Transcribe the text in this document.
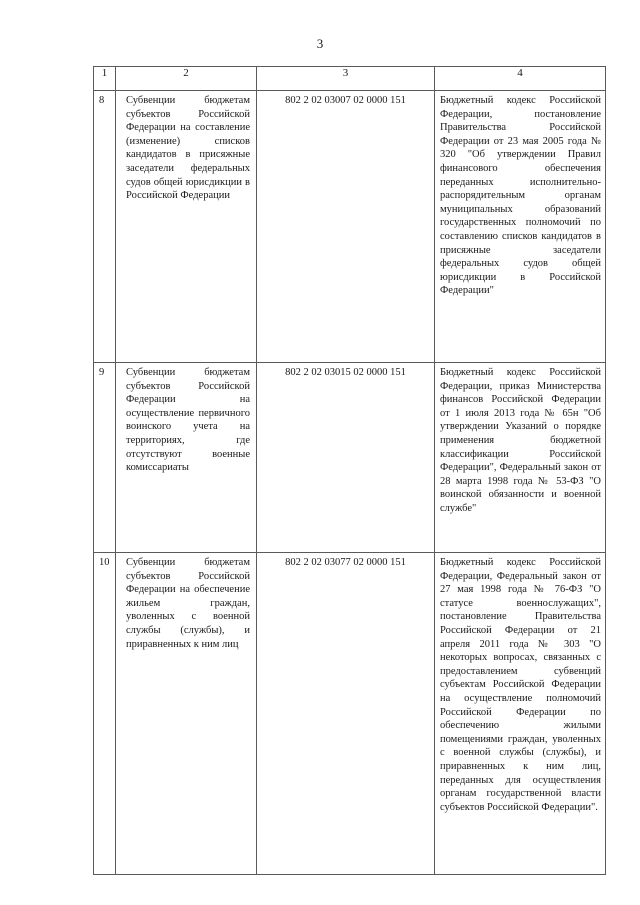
3
1	2	3	4
8	Субвенции бюджетам субъектов Российской Федерации на составление (изменение) списков кандидатов в присяжные заседатели федеральных судов общей юрисдикции в Российской Федерации	802 2 02 03007 02 0000 151	Бюджетный кодекс Российской Федерации, постановление Правительства Российской Федерации от 23 мая 2005 года № 320 "Об утверждении Правил финансового обеспечения переданных исполнительно-распорядительным органам муниципальных образований государственных полномочий по составлению списков кандидатов в присяжные заседатели федеральных судов общей юрисдикции в Российской Федерации"
9	Субвенции бюджетам субъектов Российской Федерации на осуществление первичного воинского учета на территориях, где отсутствуют военные комиссариаты	802 2 02 03015 02 0000 151	Бюджетный кодекс Российской Федерации, приказ Министерства финансов Российской Федерации от 1 июля 2013 года № 65н "Об утверждении Указаний о порядке применения бюджетной классификации Российской Федерации", Федеральный закон от 28 марта 1998 года № 53-ФЗ "О воинской обязанности и военной службе"
10	Субвенции бюджетам субъектов Российской Федерации на обеспечение жильем граждан, уволенных с военной службы (службы), и приравненных к ним лиц	802 2 02 03077 02 0000 151	Бюджетный кодекс Российской Федерации, Федеральный закон от 27 мая 1998 года № 76-ФЗ "О статусе военнослужащих", постановление Правительства Российской Федерации от 21 апреля 2011 года № 303 "О некоторых вопросах, связанных с предоставлением субвенций субъектам Российской Федерации на осуществление полномочий Российской Федерации по обеспечению жилыми помещениями граждан, уволенных с военной службы (службы), и приравненных к ним лиц, переданных для осуществления органам государственной власти субъектов Российской Федерации".
